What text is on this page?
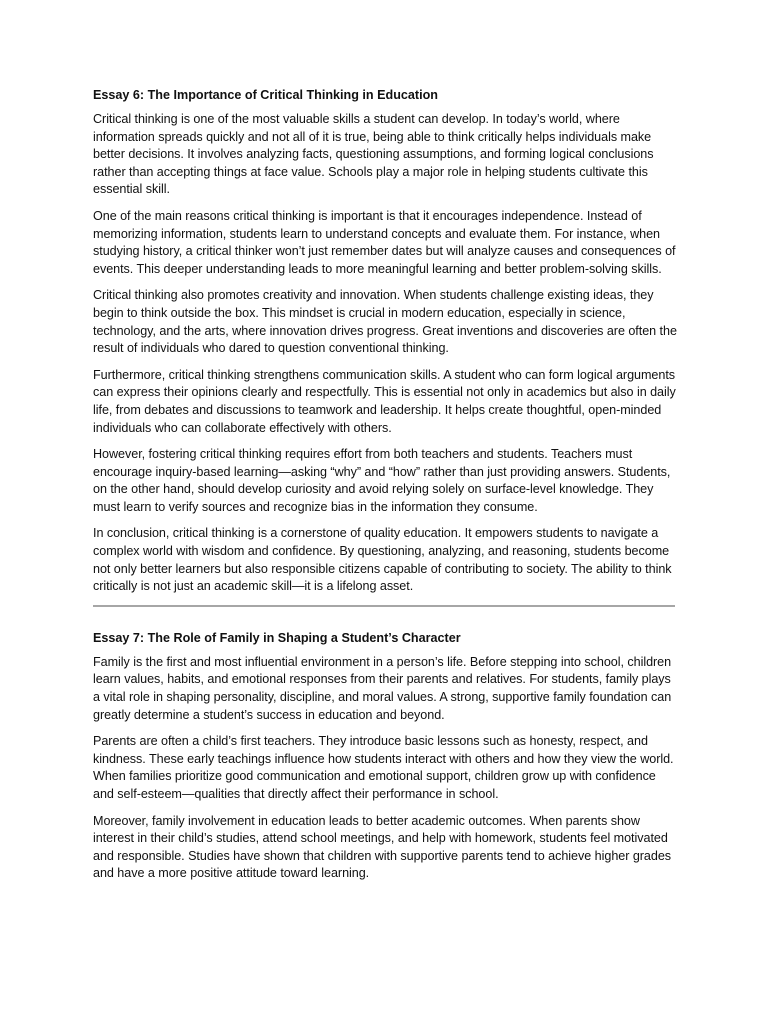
Essay 6: The Importance of Critical Thinking in Education

Critical thinking is one of the most valuable skills a student can develop. In today’s world, where information spreads quickly and not all of it is true, being able to think critically helps individuals make better decisions. It involves analyzing facts, questioning assumptions, and forming logical conclusions rather than accepting things at face value. Schools play a major role in helping students cultivate this essential skill.

One of the main reasons critical thinking is important is that it encourages independence. Instead of memorizing information, students learn to understand concepts and evaluate them. For instance, when studying history, a critical thinker won’t just remember dates but will analyze causes and consequences of events. This deeper understanding leads to more meaningful learning and better problem-solving skills.

Critical thinking also promotes creativity and innovation. When students challenge existing ideas, they begin to think outside the box. This mindset is crucial in modern education, especially in science, technology, and the arts, where innovation drives progress. Great inventions and discoveries are often the result of individuals who dared to question conventional thinking.

Furthermore, critical thinking strengthens communication skills. A student who can form logical arguments can express their opinions clearly and respectfully. This is essential not only in academics but also in daily life, from debates and discussions to teamwork and leadership. It helps create thoughtful, open-minded individuals who can collaborate effectively with others.

However, fostering critical thinking requires effort from both teachers and students. Teachers must encourage inquiry-based learning—asking “why” and “how” rather than just providing answers. Students, on the other hand, should develop curiosity and avoid relying solely on surface-level knowledge. They must learn to verify sources and recognize bias in the information they consume.

In conclusion, critical thinking is a cornerstone of quality education. It empowers students to navigate a complex world with wisdom and confidence. By questioning, analyzing, and reasoning, students become not only better learners but also responsible citizens capable of contributing to society. The ability to think critically is not just an academic skill—it is a lifelong asset.

Essay 7: The Role of Family in Shaping a Student’s Character

Family is the first and most influential environment in a person’s life. Before stepping into school, children learn values, habits, and emotional responses from their parents and relatives. For students, family plays a vital role in shaping personality, discipline, and moral values. A strong, supportive family foundation can greatly determine a student’s success in education and beyond.

Parents are often a child’s first teachers. They introduce basic lessons such as honesty, respect, and kindness. These early teachings influence how students interact with others and how they view the world. When families prioritize good communication and emotional support, children grow up with confidence and self-esteem—qualities that directly affect their performance in school.

Moreover, family involvement in education leads to better academic outcomes. When parents show interest in their child’s studies, attend school meetings, and help with homework, students feel motivated and responsible. Studies have shown that children with supportive parents tend to achieve higher grades and have a more positive attitude toward learning.
